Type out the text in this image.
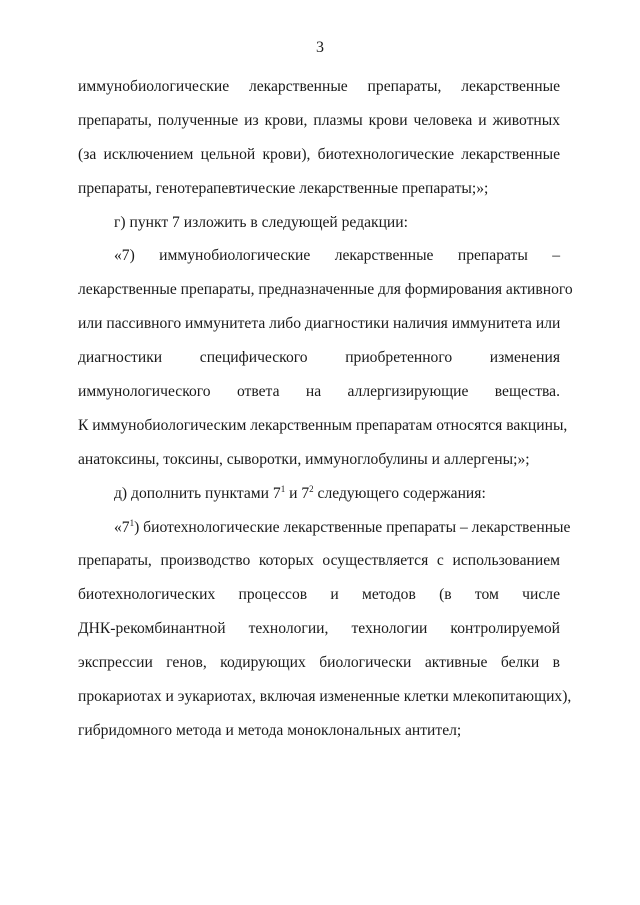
3
иммунобиологические лекарственные препараты, лекарственные
препараты, полученные из крови, плазмы крови человека и животных
(за исключением цельной крови), биотехнологические лекарственные
препараты, генотерапевтические лекарственные препараты;»;
г) пункт 7 изложить в следующей редакции:
«7) иммунобиологические лекарственные препараты –
лекарственные препараты, предназначенные для формирования активного
или пассивного иммунитета либо диагностики наличия иммунитета или
диагностики специфического приобретенного изменения
иммунологического ответа на аллергизирующие вещества.
К иммунобиологическим лекарственным препаратам относятся вакцины,
анатоксины, токсины, сыворотки, иммуноглобулины и аллергены;»;
д) дополнить пунктами $7^1$ и $7^2$ следующего содержания:
«$7^1$) биотехнологические лекарственные препараты – лекарственные
препараты, производство которых осуществляется с использованием
биотехнологических процессов и методов (в том числе
ДНК-рекомбинантной технологии, технологии контролируемой
экспрессии генов, кодирующих биологически активные белки в
прокариотах и эукариотах, включая измененные клетки млекопитающих),
гибридомного метода и метода моноклональных антител;
